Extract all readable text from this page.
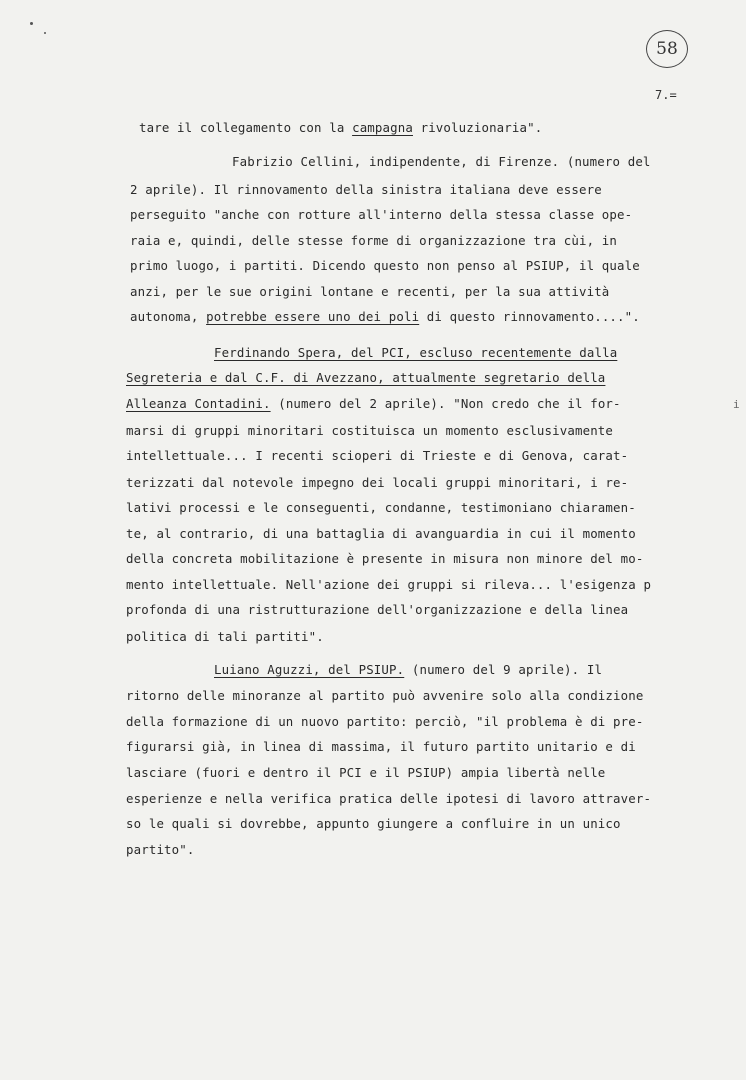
58
7.=
tare il collegamento con la campagna rivoluzionaria".
Fabrizio Cellini, indipendente, di Firenze. (numero del
2 aprile). Il rinnovamento della sinistra italiana deve essere
perseguito "anche con rotture all'interno della stessa classe ope-
raia e, quindi, delle stesse forme di organizzazione tra cùi, in
primo luogo, i partiti. Dicendo questo non penso al PSIUP, il quale
anzi, per le sue origini lontane e recenti, per la sua attività
autonoma, potrebbe essere uno dei poli di questo rinnovamento....".
Ferdinando Spera, del PCI, escluso recentemente dalla
Segreteria e dal C.F. di Avezzano, attualmente segretario della
Alleanza Contadini. (numero del 2 aprile). "Non credo che il for-
marsi di gruppi minoritari costituisca un momento esclusivamente
intellettuale... I recenti scioperi di Trieste e di Genova, carat-
terizzati dal notevole impegno dei locali gruppi minoritari, i re-
lativi processi e le conseguenti, condanne, testimoniano chiaramen-
te, al contrario, di una battaglia di avanguardia in cui il momento
della concreta mobilitazione è presente in misura non minore del mo-
mento intellettuale. Nell'azione dei gruppi si rileva... l'esigenza p
profonda di una ristrutturazione dell'organizzazione e della linea
politica di tali partiti".
Luiano Aguzzi, del PSIUP. (numero del 9 aprile). Il
ritorno delle minoranze al partito può avvenire solo alla condizione
della formazione di un nuovo partito: perciò, "il problema è di pre-
figurarsi già, in linea di massima, il futuro partito unitario e di
lasciare (fuori e dentro il PCI e il PSIUP) ampia libertà nelle
esperienze e nella verifica pratica delle ipotesi di lavoro attraver-
so le quali si dovrebbe, appunto giungere a confluire in un unico
partito".
i
